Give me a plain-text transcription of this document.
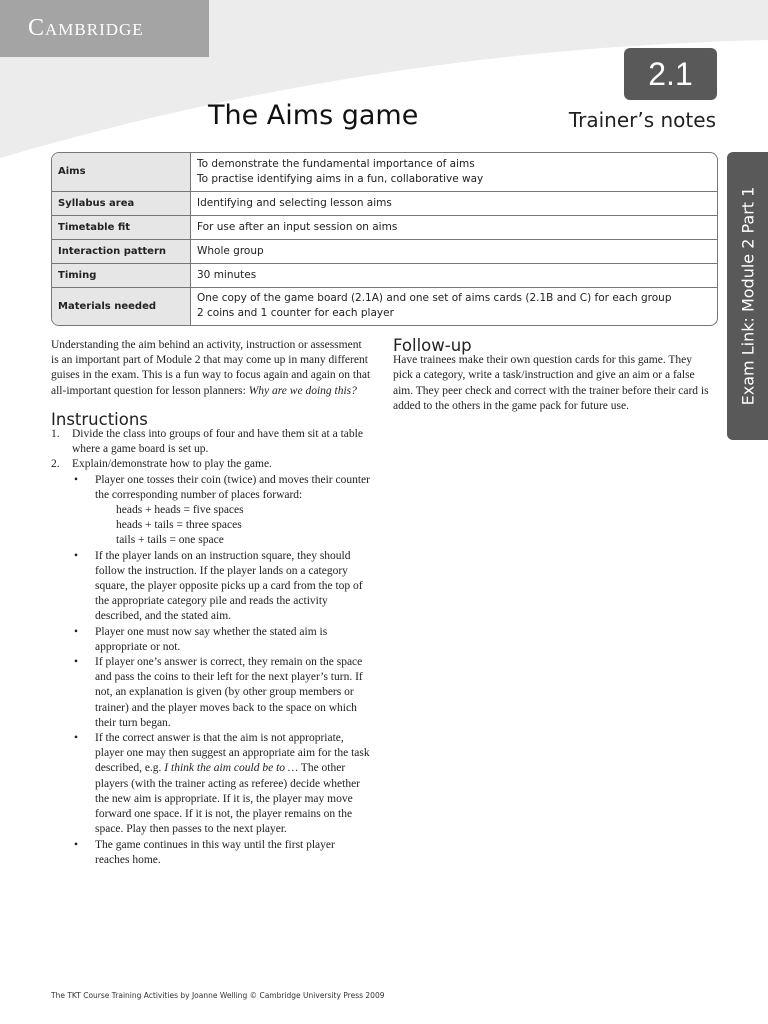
Cambridge
2.1
The Aims game	Trainer’s notes
Exam Link: Module 2 Part 1
Aims	To demonstrate the fundamental importance of aims
To practise identifying aims in a fun, collaborative way

Syllabus area	Identifying and selecting lesson aims

Timetable fit	For use after an input session on aims

Interaction pattern	Whole group

Timing	30 minutes

Materials needed	One copy of the game board (2.1A) and one set of aims cards (2.1B and C) for each group
2 coins and 1 counter for each player

Understanding the aim behind an activity, instruction or assessment is an important part of Module 2 that may come up in many different guises in the exam. This is a fun way to focus again and again on that all-important question for lesson planners: Why are we doing this?

Instructions
1. Divide the class into groups of four and have them sit at a table where a game board is set up.
2. Explain/demonstrate how to play the game.
• Player one tosses their coin (twice) and moves their counter the corresponding number of places forward:
heads + heads = five spaces
heads + tails = three spaces
tails + tails = one space
• If the player lands on an instruction square, they should follow the instruction. If the player lands on a category square, the player opposite picks up a card from the top of the appropriate category pile and reads the activity described, and the stated aim.
• Player one must now say whether the stated aim is appropriate or not.
• If player one’s answer is correct, they remain on the space and pass the coins to their left for the next player’s turn. If not, an explanation is given (by other group members or trainer) and the player moves back to the space on which their turn began.
• If the correct answer is that the aim is not appropriate, player one may then suggest an appropriate aim for the task described, e.g. I think the aim could be to … The other players (with the trainer acting as referee) decide whether the new aim is appropriate. If it is, the player may move forward one space. If it is not, the player remains on the space. Play then passes to the next player.
• The game continues in this way until the first player reaches home.
Follow-up

Have trainees make their own question cards for this game. They pick a category, write a task/instruction and give an aim or a false aim. They peer check and correct with the trainer before their card is added to the others in the game pack for future use.

The TKT Course Training Activities by Joanne Welling © Cambridge University Press 2009
